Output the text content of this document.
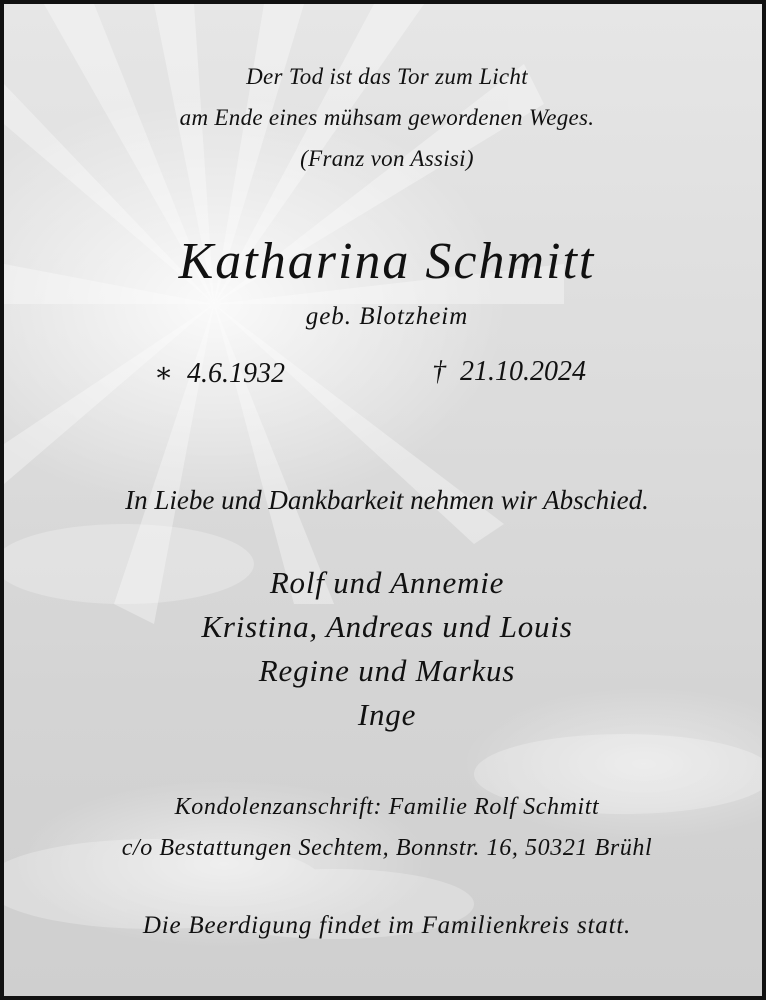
Der Tod ist das Tor zum Licht
am Ende eines mühsam gewordenen Weges.
(Franz von Assisi)
Katharina Schmitt
geb. Blotzheim
∗ 4.6.1932	† 21.10.2024
In Liebe und Dankbarkeit nehmen wir Abschied.
Rolf und Annemie
Kristina, Andreas und Louis
Regine und Markus
Inge
Kondolenzanschrift: Familie Rolf Schmitt
c/o Bestattungen Sechtem, Bonnstr. 16, 50321 Brühl
Die Beerdigung findet im Familienkreis statt.
